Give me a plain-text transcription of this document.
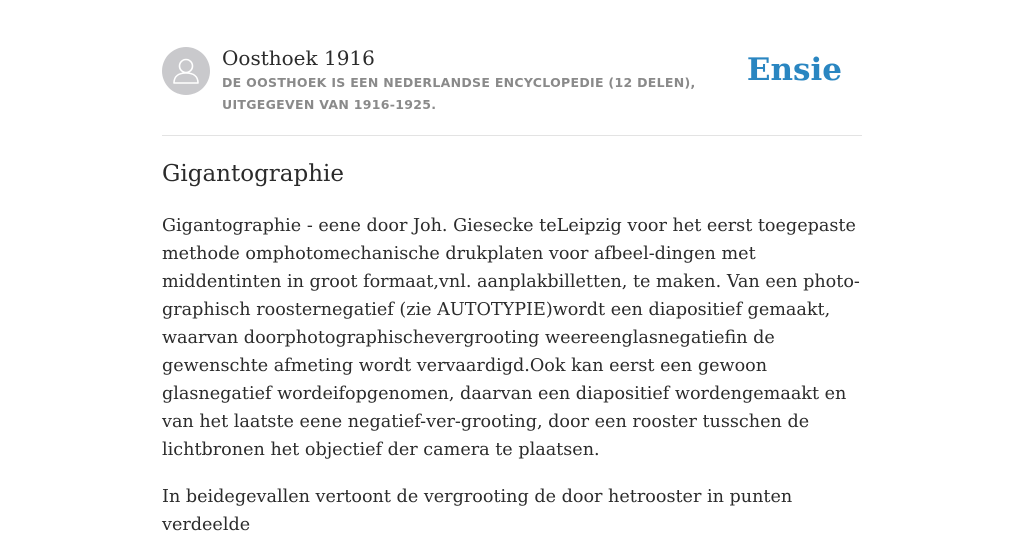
Oosthoek 1916
DE OOSTHOEK IS EEN NEDERLANDSE ENCYCLOPEDIE (12 DELEN), UITGEGEVEN VAN 1916-1925.
Ensie
Gigantographie

Gigantographie - eene door Joh. Giesecke teLeipzig voor het eerst toegepaste methode omphotomechanische drukplaten voor afbeel-dingen met middentinten in groot formaat,vnl. aanplakbilletten, te maken. Van een photo-graphisch roosternegatief (zie AUTOTYPIE)wordt een diapositief gemaakt, waarvan doorphotographischevergrooting weereenglasnegatiefin de gewenschte afmeting wordt vervaardigd.Ook kan eerst een gewoon glasnegatief wordeifopgenomen, daarvan een diapositief wordengemaakt en van het laatste eene negatief-ver-grooting, door een rooster tusschen de lichtbronen het objectief der camera te plaatsen.

In beidegevallen vertoont de vergrooting de door hetrooster in punten verdeelde
